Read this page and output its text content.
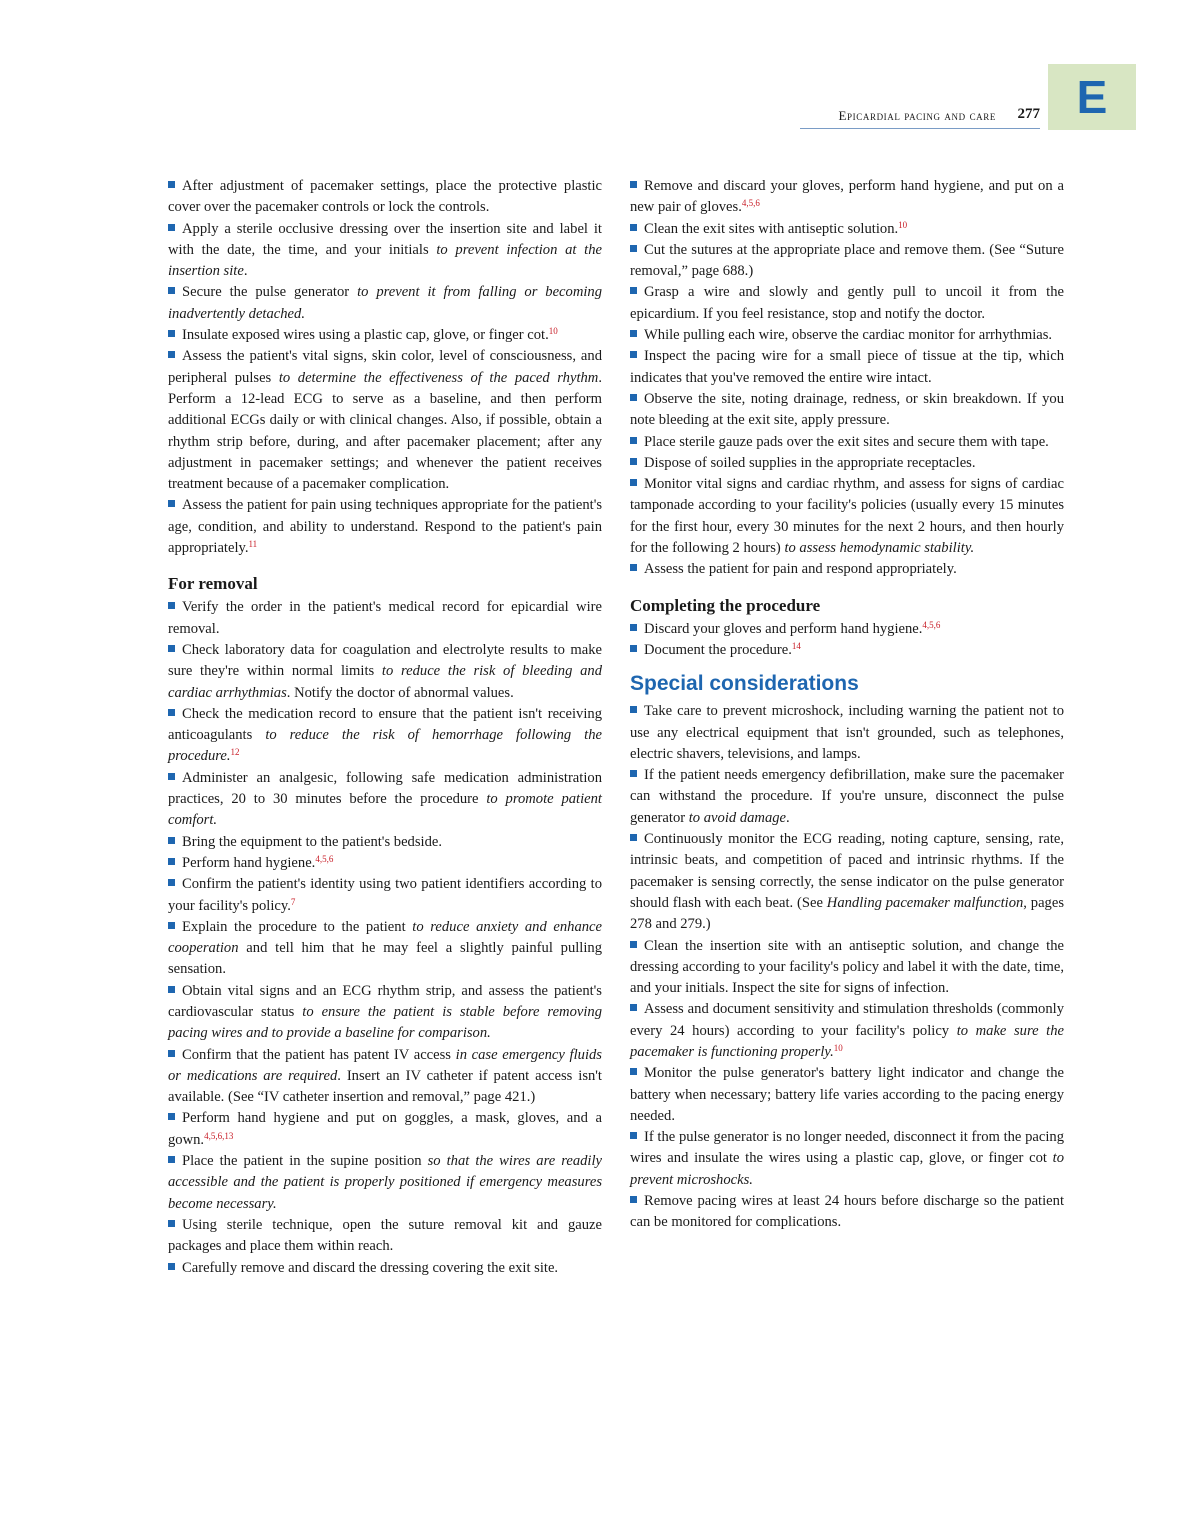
E
Epicardial pacing and care 277

After adjustment of pacemaker settings, place the protective plastic cover over the pacemaker controls or lock the controls.

Apply a sterile occlusive dressing over the insertion site and label it with the date, the time, and your initials to prevent infection at the insertion site.

Secure the pulse generator to prevent it from falling or becoming inadvertently detached.

Insulate exposed wires using a plastic cap, glove, or finger cot.$^{10}$

Assess the patient's vital signs, skin color, level of consciousness, and peripheral pulses to determine the effectiveness of the paced rhythm. Perform a 12-lead ECG to serve as a baseline, and then perform additional ECGs daily or with clinical changes. Also, if possible, obtain a rhythm strip before, during, and after pacemaker placement; after any adjustment in pacemaker settings; and whenever the patient receives treatment because of a pacemaker complication.

Assess the patient for pain using techniques appropriate for the patient's age, condition, and ability to understand. Respond to the patient's pain appropriately.$^{11}$

For removal

Verify the order in the patient's medical record for epicardial wire removal.

Check laboratory data for coagulation and electrolyte results to make sure they're within normal limits to reduce the risk of bleeding and cardiac arrhythmias. Notify the doctor of abnormal values.

Check the medication record to ensure that the patient isn't receiving anticoagulants to reduce the risk of hemorrhage following the procedure.$^{12}$

Administer an analgesic, following safe medication administration practices, 20 to 30 minutes before the procedure to promote patient comfort.

Bring the equipment to the patient's bedside.

Perform hand hygiene.$^{4,5,6}$

Confirm the patient's identity using two patient identifiers according to your facility's policy.$^7$

Explain the procedure to the patient to reduce anxiety and enhance cooperation and tell him that he may feel a slightly painful pulling sensation.

Obtain vital signs and an ECG rhythm strip, and assess the patient's cardiovascular status to ensure the patient is stable before removing pacing wires and to provide a baseline for comparison.

Confirm that the patient has patent IV access in case emergency fluids or medications are required. Insert an IV catheter if patent access isn't available. (See “IV catheter insertion and removal,” page 421.)

Perform hand hygiene and put on goggles, a mask, gloves, and a gown.$^{4,5,6,13}$

Place the patient in the supine position so that the wires are readily accessible and the patient is properly positioned if emergency measures become necessary.

Using sterile technique, open the suture removal kit and gauze packages and place them within reach.

Carefully remove and discard the dressing covering the exit site.

Remove and discard your gloves, perform hand hygiene, and put on a new pair of gloves.$^{4,5,6}$

Clean the exit sites with antiseptic solution.$^{10}$

Cut the sutures at the appropriate place and remove them. (See “Suture removal,” page 688.)

Grasp a wire and slowly and gently pull to uncoil it from the epicardium. If you feel resistance, stop and notify the doctor.

While pulling each wire, observe the cardiac monitor for arrhythmias.

Inspect the pacing wire for a small piece of tissue at the tip, which indicates that you've removed the entire wire intact.

Observe the site, noting drainage, redness, or skin breakdown. If you note bleeding at the exit site, apply pressure.

Place sterile gauze pads over the exit sites and secure them with tape.

Dispose of soiled supplies in the appropriate receptacles.

Monitor vital signs and cardiac rhythm, and assess for signs of cardiac tamponade according to your facility's policies (usually every 15 minutes for the first hour, every 30 minutes for the next 2 hours, and then hourly for the following 2 hours) to assess hemodynamic stability.

Assess the patient for pain and respond appropriately.

Completing the procedure

Discard your gloves and perform hand hygiene.$^{4,5,6}$

Document the procedure.$^{14}$

Special considerations

Take care to prevent microshock, including warning the patient not to use any electrical equipment that isn't grounded, such as telephones, electric shavers, televisions, and lamps.

If the patient needs emergency defibrillation, make sure the pacemaker can withstand the procedure. If you're unsure, disconnect the pulse generator to avoid damage.

Continuously monitor the ECG reading, noting capture, sensing, rate, intrinsic beats, and competition of paced and intrinsic rhythms. If the pacemaker is sensing correctly, the sense indicator on the pulse generator should flash with each beat. (See Handling pacemaker malfunction, pages 278 and 279.)

Clean the insertion site with an antiseptic solution, and change the dressing according to your facility's policy and label it with the date, time, and your initials. Inspect the site for signs of infection.

Assess and document sensitivity and stimulation thresholds (commonly every 24 hours) according to your facility's policy to make sure the pacemaker is functioning properly.$^{10}$

Monitor the pulse generator's battery light indicator and change the battery when necessary; battery life varies according to the pacing energy needed.

If the pulse generator is no longer needed, disconnect it from the pacing wires and insulate the wires using a plastic cap, glove, or finger cot to prevent microshocks.

Remove pacing wires at least 24 hours before discharge so the patient can be monitored for complications.
